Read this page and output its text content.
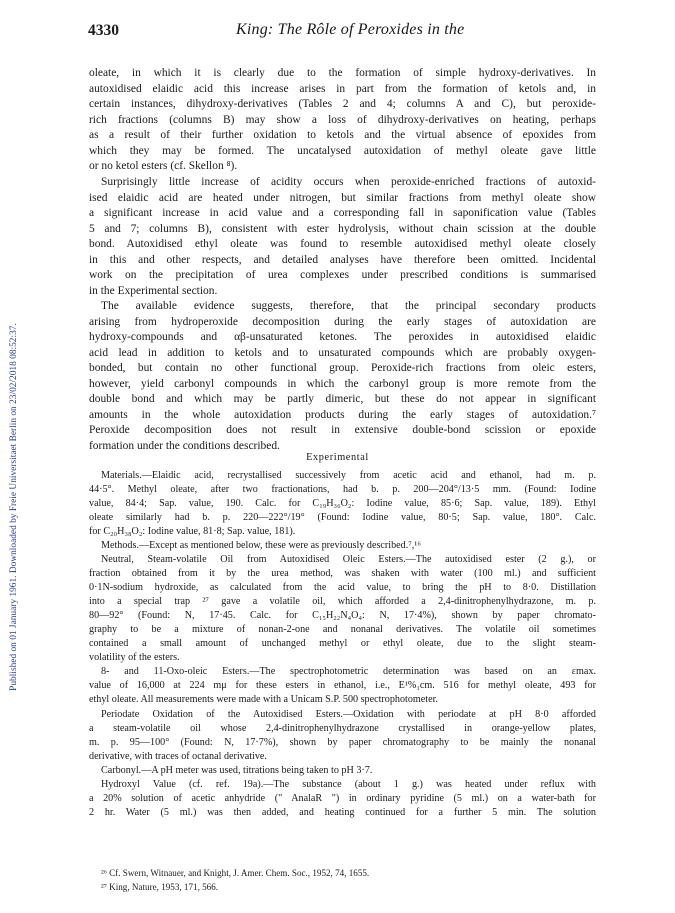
Published on 01 January 1961. Downloaded by Freie Universitaet Berlin on 23/02/2018 08:52:37.
4330	King: The Rôle of Peroxides in the
oleate, in which it is clearly due to the formation of simple hydroxy-derivatives. In
autoxidised elaidic acid this increase arises in part from the formation of ketols and, in
certain instances, dihydroxy-derivatives (Tables 2 and 4; columns A and C), but peroxide-
rich fractions (columns B) may show a loss of dihydroxy-derivatives on heating, perhaps
as a result of their further oxidation to ketols and the virtual absence of epoxides from
which they may be formed. The uncatalysed autoxidation of methyl oleate gave little
or no ketol esters (cf. Skellon ⁸).
Surprisingly little increase of acidity occurs when peroxide-enriched fractions of autoxid-
ised elaidic acid are heated under nitrogen, but similar fractions from methyl oleate show
a significant increase in acid value and a corresponding fall in saponification value (Tables
5 and 7; columns B), consistent with ester hydrolysis, without chain scission at the double
bond. Autoxidised ethyl oleate was found to resemble autoxidised methyl oleate closely
in this and other respects, and detailed analyses have therefore been omitted. Incidental
work on the precipitation of urea complexes under prescribed conditions is summarised
in the Experimental section.
The available evidence suggests, therefore, that the principal secondary products
arising from hydroperoxide decomposition during the early stages of autoxidation are
hydroxy-compounds and αβ-unsaturated ketones. The peroxides in autoxidised elaidic
acid lead in addition to ketols and to unsaturated compounds which are probably oxygen-
bonded, but contain no other functional group. Peroxide-rich fractions from oleic esters,
however, yield carbonyl compounds in which the carbonyl group is more remote from the
double bond and which may be partly dimeric, but these do not appear in significant
amounts in the whole autoxidation products during the early stages of autoxidation.⁷
Peroxide decomposition does not result in extensive double-bond scission or epoxide
formation under the conditions described.
Experimental
Materials.—Elaidic acid, recrystallised successively from acetic acid and ethanol, had m. p.
44·5°. Methyl oleate, after two fractionations, had b. p. 200—204°/13·5 mm. (Found: Iodine
value, 84·4; Sap. value, 190. Calc. for C₁₉H₃₆O₂: Iodine value, 85·6; Sap. value, 189). Ethyl
oleate similarly had b. p. 220—222°/19° (Found: Iodine value, 80·5; Sap. value, 180°. Calc.
for C₂₀H₃₈O₂: Iodine value, 81·8; Sap. value, 181).
Methods.—Except as mentioned below, these were as previously described.⁷,¹⁶
Neutral, Steam-volatile Oil from Autoxidised Oleic Esters.—The autoxidised ester (2 g.), or
fraction obtained from it by the urea method, was shaken with water (100 ml.) and sufficient
0·1N-sodium hydroxide, as calculated from the acid value, to bring the pH to 8·0. Distillation
into a special trap ²⁷ gave a volatile oil, which afforded a 2,4-dinitrophenylhydrazone, m. p.
80—92° (Found: N, 17·45. Calc. for C₁₅H₂₂N₄O₄: N, 17·4%), shown by paper chromato-
graphy to be a mixture of nonan-2-one and nonanal derivatives. The volatile oil sometimes
contained a small amount of unchanged methyl or ethyl oleate, due to the slight steam-
volatility of the esters.
8- and 11-Oxo-oleic Esters.—The spectrophotometric determination was based on an εmax.
value of 16,000 at 224 mμ for these esters in ethanol, i.e., E¹%₁cm. 516 for methyl oleate, 493 for
ethyl oleate. All measurements were made with a Unicam S.P. 500 spectrophotometer.
Periodate Oxidation of the Autoxidised Esters.—Oxidation with periodate at pH 8·0 afforded
a steam-volatile oil whose 2,4-dinitrophenylhydrazone crystallised in orange-yellow plates,
m. p. 95—100° (Found: N, 17·7%), shown by paper chromatography to be mainly the nonanal
derivative, with traces of octanal derivative.
Carbonyl.—A pH meter was used, titrations being taken to pH 3·7.
Hydroxyl Value (cf. ref. 19a).—The substance (about 1 g.) was heated under reflux with
a 20% solution of acetic anhydride (" AnalaR ") in ordinary pyridine (5 ml.) on a water-bath for
2 hr. Water (5 ml.) was then added, and heating continued for a further 5 min. The solution
²⁶ Cf. Swern, Witnauer, and Knight, J. Amer. Chem. Soc., 1952, 74, 1655.
²⁷ King, Nature, 1953, 171, 566.
